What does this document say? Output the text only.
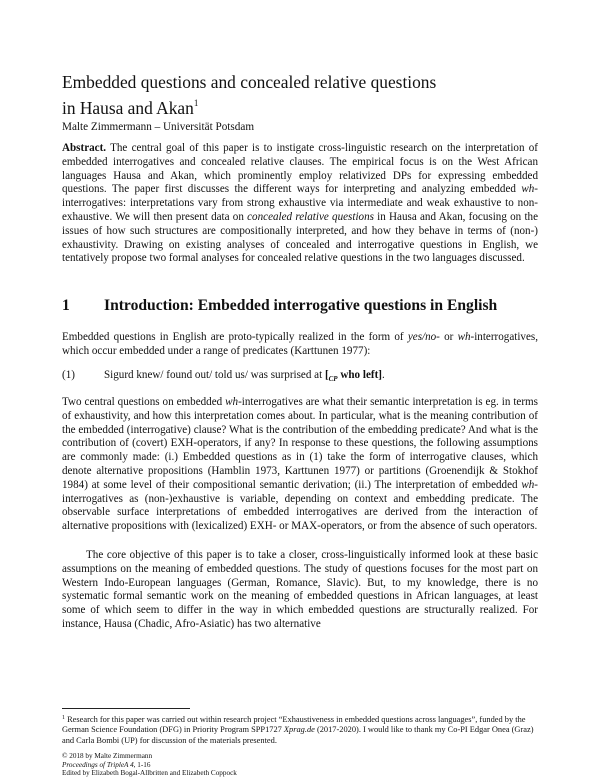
Embedded questions and concealed relative questions
in Hausa and Akan$^1$
Malte Zimmermann – Universität Potsdam

Abstract. The central goal of this paper is to instigate cross-linguistic research on the interpretation of embedded interrogatives and concealed relative clauses. The empirical focus is on the West African languages Hausa and Akan, which prominently employ relativized DPs for expressing embedded questions. The paper first discusses the different ways for interpreting and analyzing embedded wh-interrogatives: interpretations vary from strong exhaustive via intermediate and weak exhaustive to non-exhaustive. We will then present data on concealed relative questions in Hausa and Akan, focusing on the issues of how such structures are compositionally interpreted, and how they behave in terms of (non-) exhaustivity. Drawing on existing analyses of concealed and interrogative questions in English, we tentatively propose two formal analyses for concealed relative questions in the two languages discussed.

1 Introduction: Embedded interrogative questions in English

Embedded questions in English are proto-typically realized in the form of yes/no- or wh-interrogatives, which occur embedded under a range of predicates (Karttunen 1977):

(1)	Sigurd knew/ found out/ told us/ was surprised at [$_{CP}$ who left].

Two central questions on embedded wh-interrogatives are what their semantic interpretation is eg. in terms of exhaustivity, and how this interpretation comes about. In particular, what is the meaning contribution of the embedded (interrogative) clause? What is the contribution of the embedding predicate? And what is the contribution of (covert) EXH-operators, if any? In response to these questions, the following assumptions are commonly made: (i.) Embedded questions as in (1) take the form of interrogative clauses, which denote alternative propositions (Hamblin 1973, Karttunen 1977) or partitions (Groenendijk & Stokhof 1984) at some level of their compositional semantic derivation; (ii.) The interpretation of embedded wh-interrogatives as (non-)exhaustive is variable, depending on context and embedding predicate. The observable surface interpretations of embedded interrogatives are derived from the interaction of alternative propositions with (lexicalized) EXH- or MAX-operators, or from the absence of such operators.

The core objective of this paper is to take a closer, cross-linguistically informed look at these basic assumptions on the meaning of embedded questions. The study of questions focuses for the most part on Western Indo-European languages (German, Romance, Slavic). But, to my knowledge, there is no systematic formal semantic work on the meaning of embedded questions in African languages, at least some of which seem to differ in the way in which embedded questions are structurally realized. For instance, Hausa (Chadic, Afro-Asiatic) has two alternative

$^1$ Research for this paper was carried out within research project “Exhaustiveness in embedded questions across languages”, funded by the German Science Foundation (DFG) in Priority Program SPP1727 Xprag.de (2017-2020). I would like to thank my Co-PI Edgar Onea (Graz) and Carla Bombi (UP) for discussion of the materials presented.

© 2018 by Malte Zimmermann
Proceedings of TripleA 4, 1-16
Edited by Elizabeth Bogal-Allbritten and Elizabeth Coppock
